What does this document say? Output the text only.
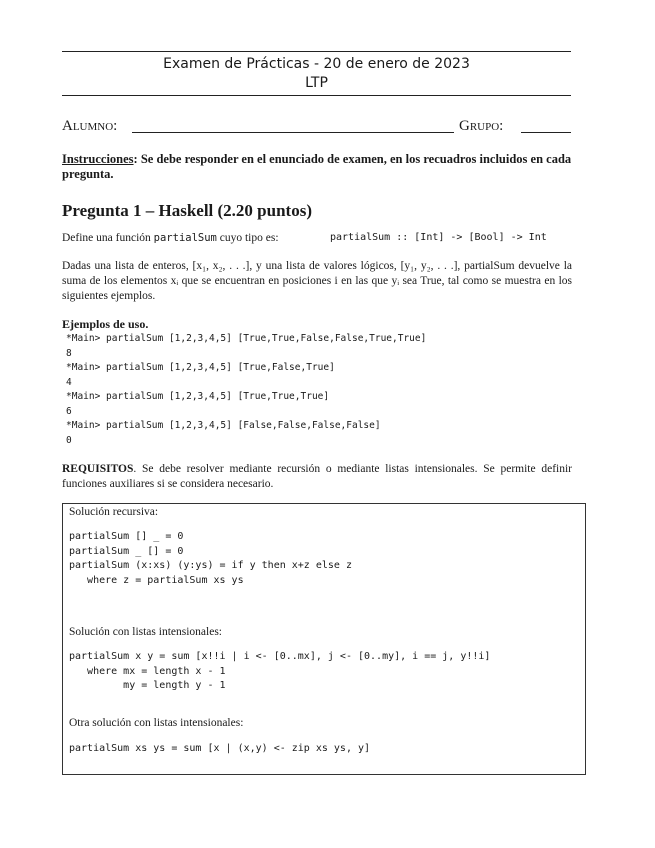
Examen de Prácticas - 20 de enero de 2023
LTP
Alumno:	Grupo:
Instrucciones: Se debe responder en el enunciado de examen, en los recuadros incluidos en cada pregunta.
Pregunta 1 – Haskell (2.20 puntos)
Define una función partialSum cuyo tipo es:	partialSum :: [Int] -> [Bool] -> Int
Dadas una lista de enteros, [x₁, x₂, . . .], y una lista de valores lógicos, [y₁, y₂, . . .], partialSum devuelve la suma de los elementos xᵢ que se encuentran en posiciones i en las que yᵢ sea True, tal como se muestra en los siguientes ejemplos.
Ejemplos de uso.
*Main> partialSum [1,2,3,4,5] [True,True,False,False,True,True]
8
*Main> partialSum [1,2,3,4,5] [True,False,True]
4
*Main> partialSum [1,2,3,4,5] [True,True,True]
6
*Main> partialSum [1,2,3,4,5] [False,False,False,False]
0
REQUISITOS. Se debe resolver mediante recursión o mediante listas intensionales. Se permite definir funciones auxiliares si se considera necesario.
Solución recursiva:
partialSum [] _ = 0
partialSum _ [] = 0
partialSum (x:xs) (y:ys) = if y then x+z else z
where z = partialSum xs ys
Solución con listas intensionales:
partialSum x y = sum [x!!i | i <- [0..mx], j <- [0..my], i == j, y!!i]
where mx = length x - 1
my = length y - 1
Otra solución con listas intensionales:
partialSum xs ys = sum [x | (x,y) <- zip xs ys, y]
